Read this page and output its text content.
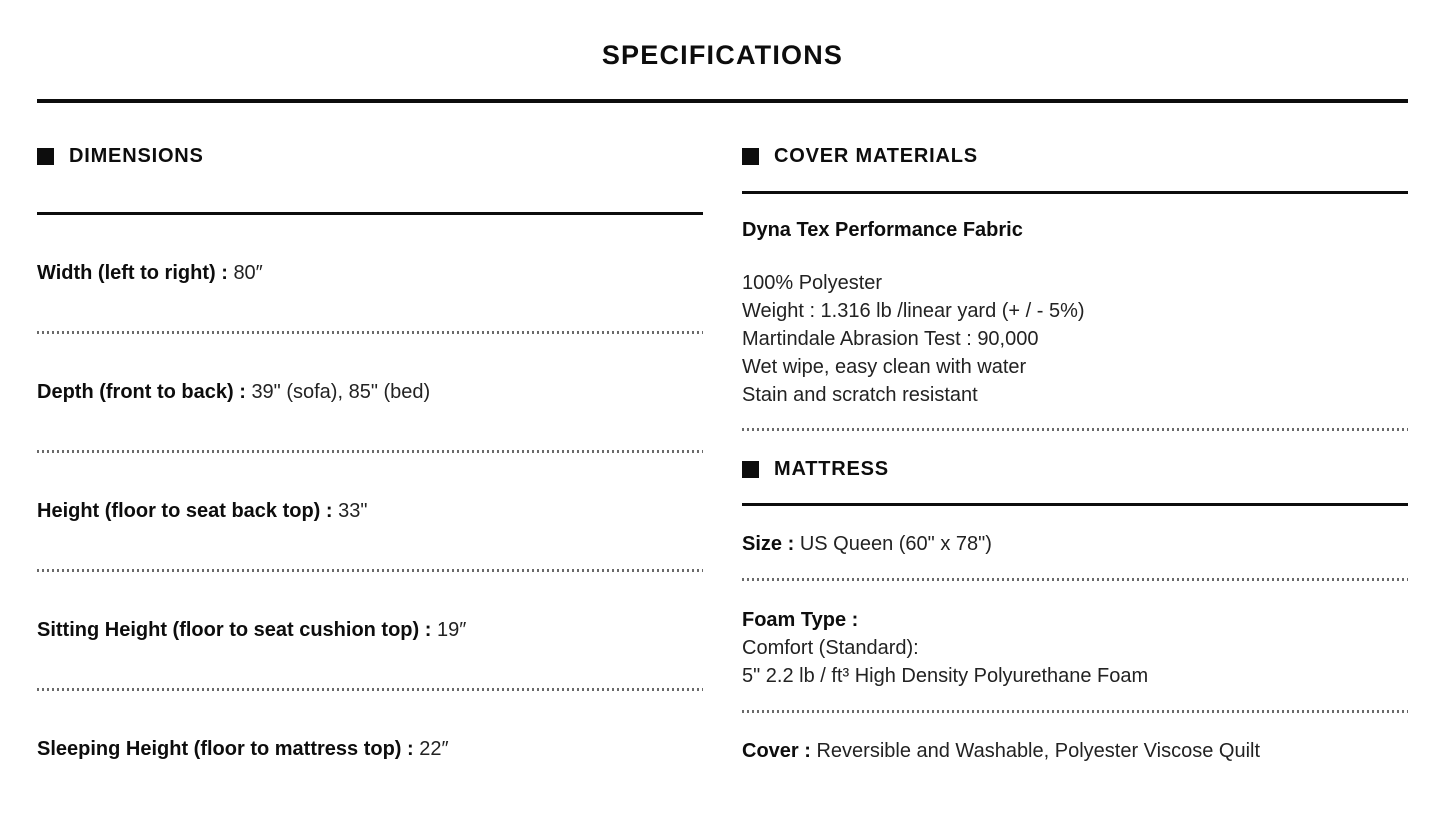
SPECIFICATIONS
DIMENSIONS

Width (left to right) : 80″

Depth (front to back) : 39" (sofa), 85" (bed)

Height (floor to seat back top) : 33"

Sitting Height (floor to seat cushion top) : 19″

Sleeping Height (floor to mattress top) : 22″

COVER MATERIALS

Dyna Tex Performance Fabric

100% Polyester

Weight : 1.316 lb /linear yard (+ / - 5%)

Martindale Abrasion Test : 90,000

Wet wipe, easy clean with water

Stain and scratch resistant

MATTRESS

Size : US Queen (60" x 78")

Foam Type :

Comfort (Standard):

5" 2.2 lb / ft³ High Density Polyurethane Foam

Cover : Reversible and Washable, Polyester Viscose Quilt
